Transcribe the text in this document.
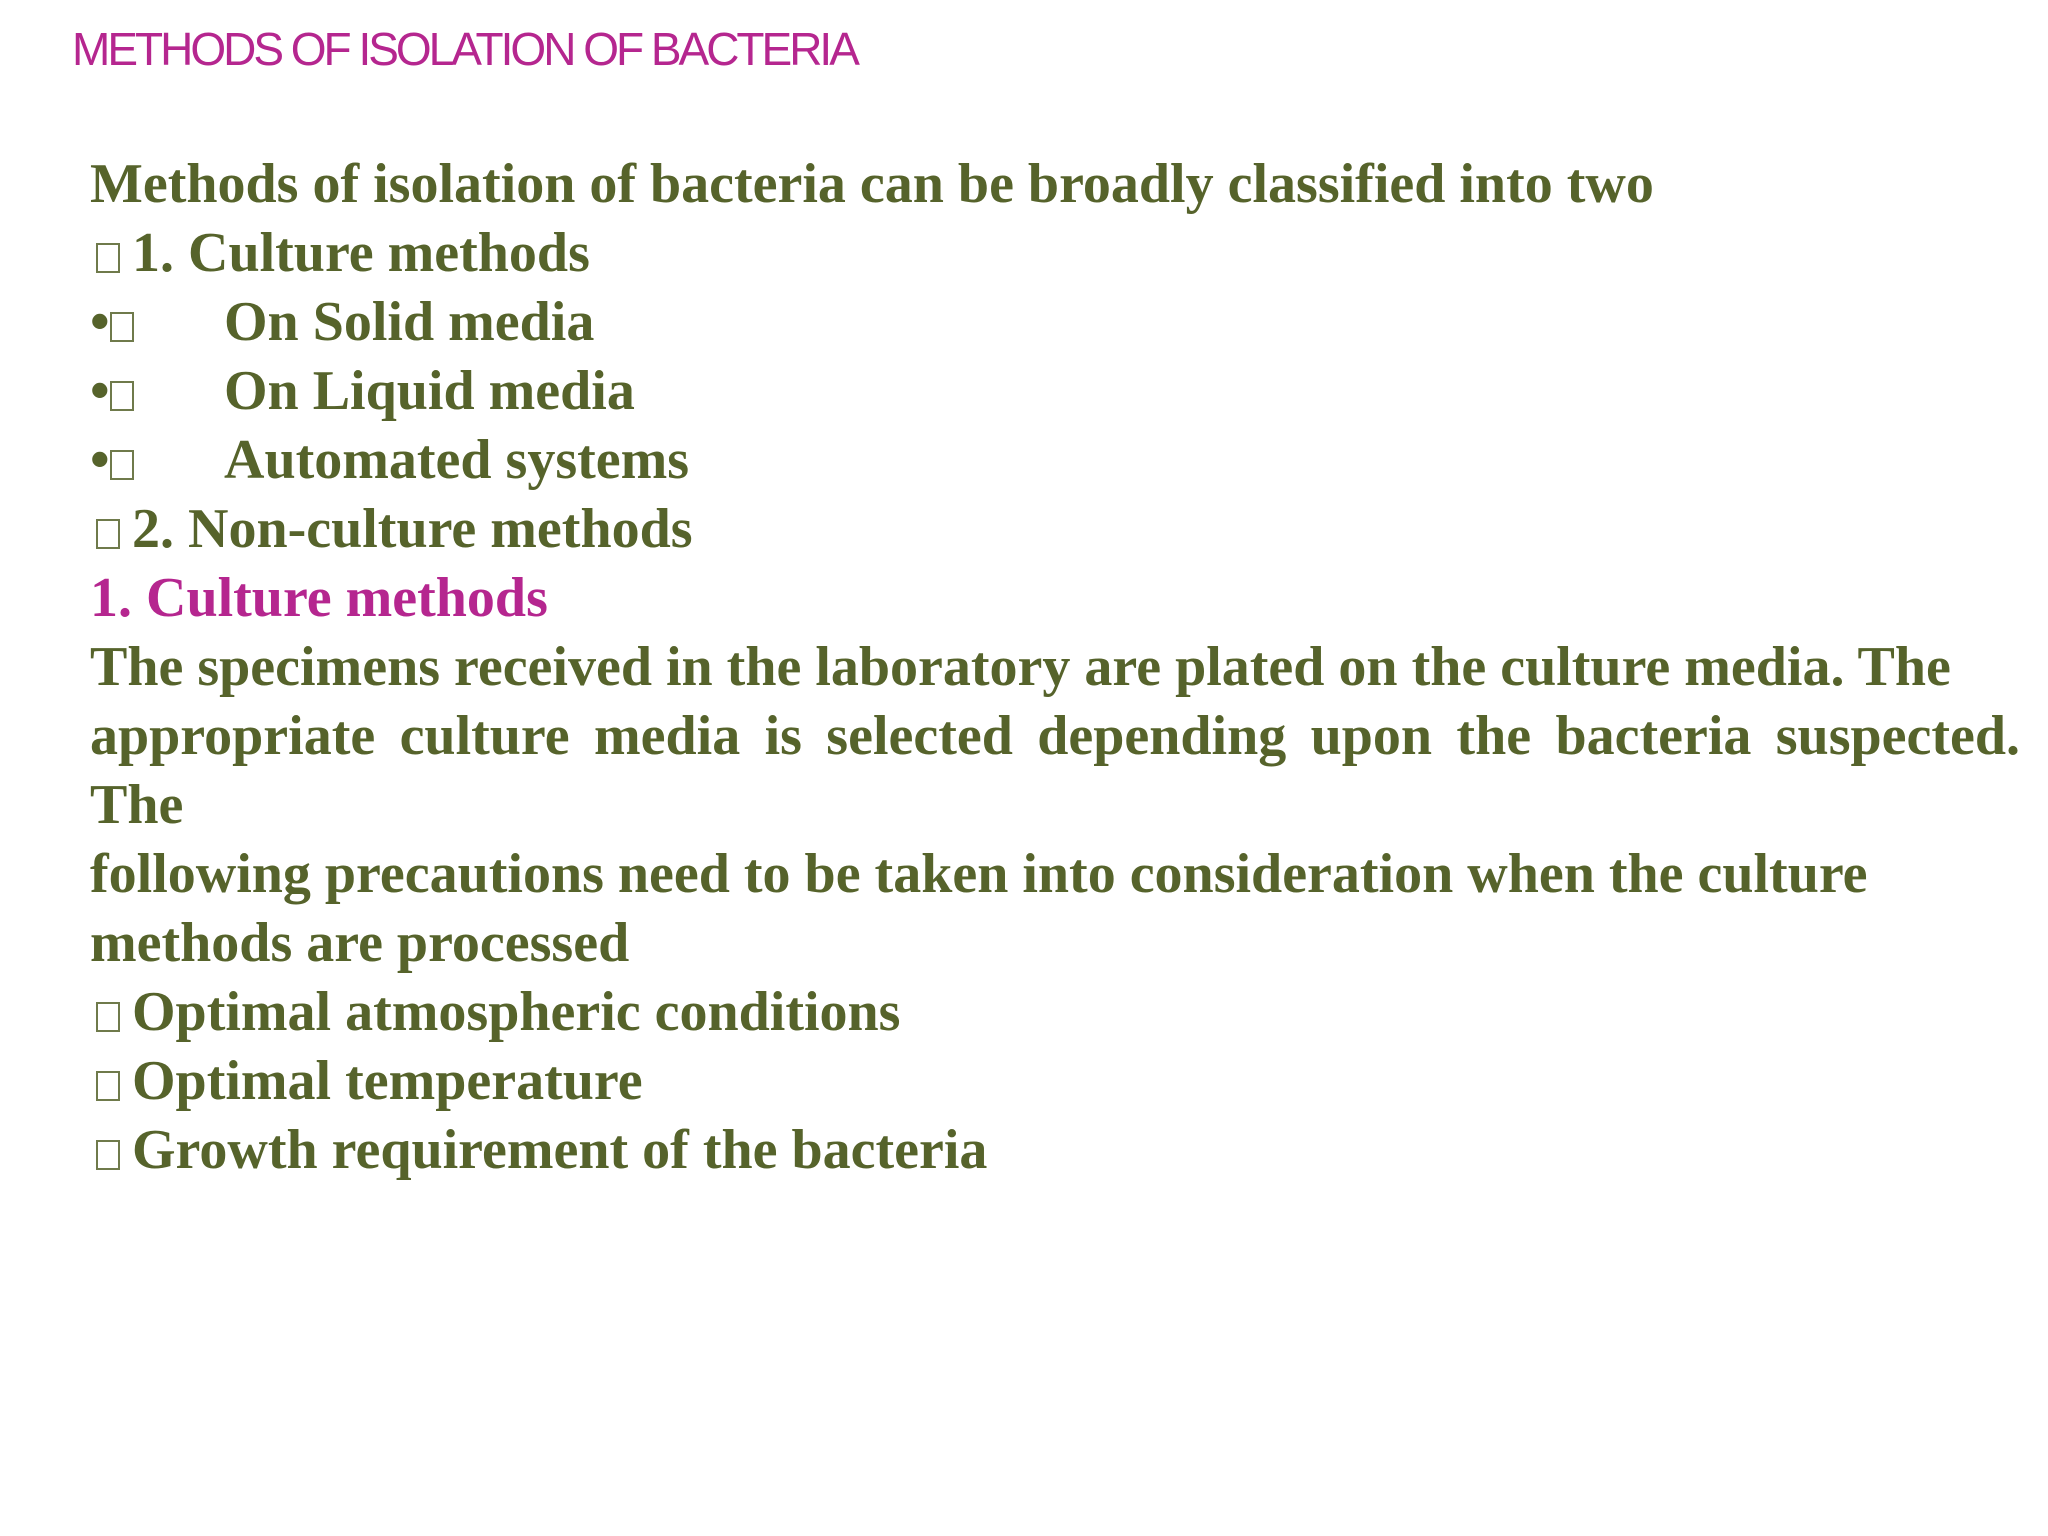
METHODS OF ISOLATION OF BACTERIA
Methods of isolation of bacteria can be broadly classified into two
1. Culture methods
• On Solid media
• On Liquid media
• Automated systems
2. Non-culture methods
1. Culture methods
The specimens received in the laboratory are plated on the culture media. The
appropriate culture media is selected depending upon the bacteria suspected.
The
following precautions need to be taken into consideration when the culture
methods are processed
Optimal atmospheric conditions
Optimal temperature
Growth requirement of the bacteria
